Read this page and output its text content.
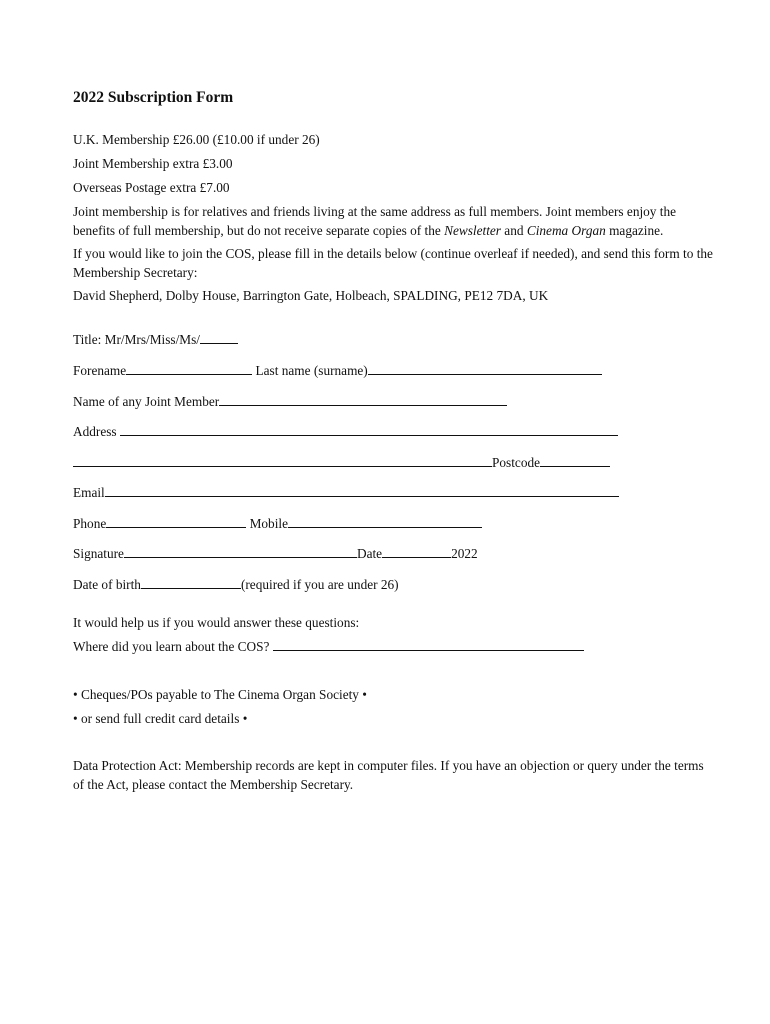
2022 Subscription Form

U.K. Membership £26.00 (£10.00 if under 26)

Joint Membership extra £3.00

Overseas Postage extra £7.00

Joint membership is for relatives and friends living at the same address as full members. Joint members enjoy the benefits of full membership, but do not receive separate copies of the Newsletter and Cinema Organ magazine.

If you would like to join the COS, please fill in the details below (continue overleaf if needed), and send this form to the Membership Secretary:

David Shepherd, Dolby House, Barrington Gate, Holbeach, SPALDING, PE12 7DA, UK

Title: Mr/Mrs/Miss/Ms/
Forename	Last name (surname)
Name of any Joint Member
Address
Postcode
Email
Phone	Mobile
Signature	Date	2022
Date of birth	(required if you are under 26)

It would help us if you would answer these questions:

Where did you learn about the COS?

• Cheques/POs payable to The Cinema Organ Society •

• or send full credit card details •

Data Protection Act: Membership records are kept in computer files. If you have an objection or query under the terms of the Act, please contact the Membership Secretary.
